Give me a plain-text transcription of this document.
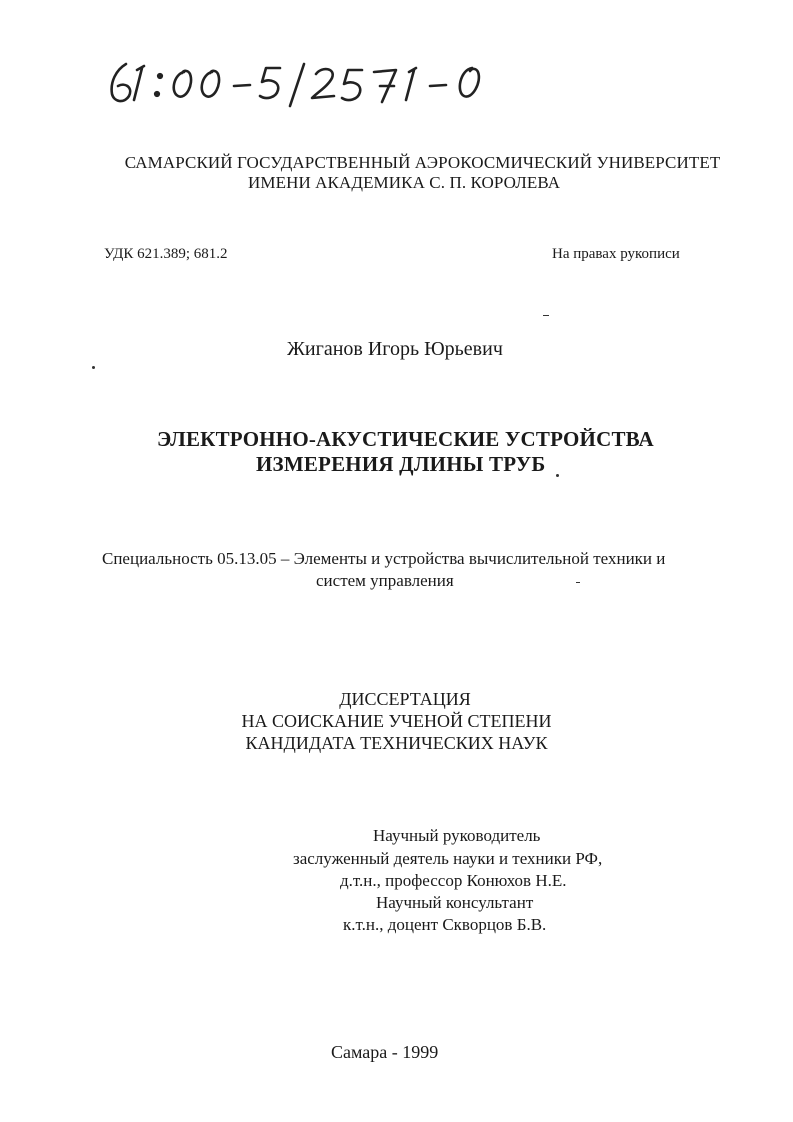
САМАРСКИЙ ГОСУДАРСТВЕННЫЙ АЭРОКОСМИЧЕСКИЙ УНИВЕРСИТЕТ
ИМЕНИ АКАДЕМИКА С. П. КОРОЛЕВА
УДК 621.389; 681.2	На правах рукописи
Жиганов Игорь Юрьевич
ЭЛЕКТРОННО-АКУСТИЧЕСКИЕ УСТРОЙСТВА
ИЗМЕРЕНИЯ ДЛИНЫ ТРУБ
Специальность 05.13.05 – Элементы и устройства вычислительной техники и
систем управления
ДИССЕРТАЦИЯ
НА СОИСКАНИЕ УЧЕНОЙ СТЕПЕНИ
КАНДИДАТА ТЕХНИЧЕСКИХ НАУК
Научный руководитель
заслуженный деятель науки и техники РФ,
д.т.н., профессор Конюхов Н.Е.
Научный консультант
к.т.н., доцент Скворцов Б.В.
Самара - 1999
